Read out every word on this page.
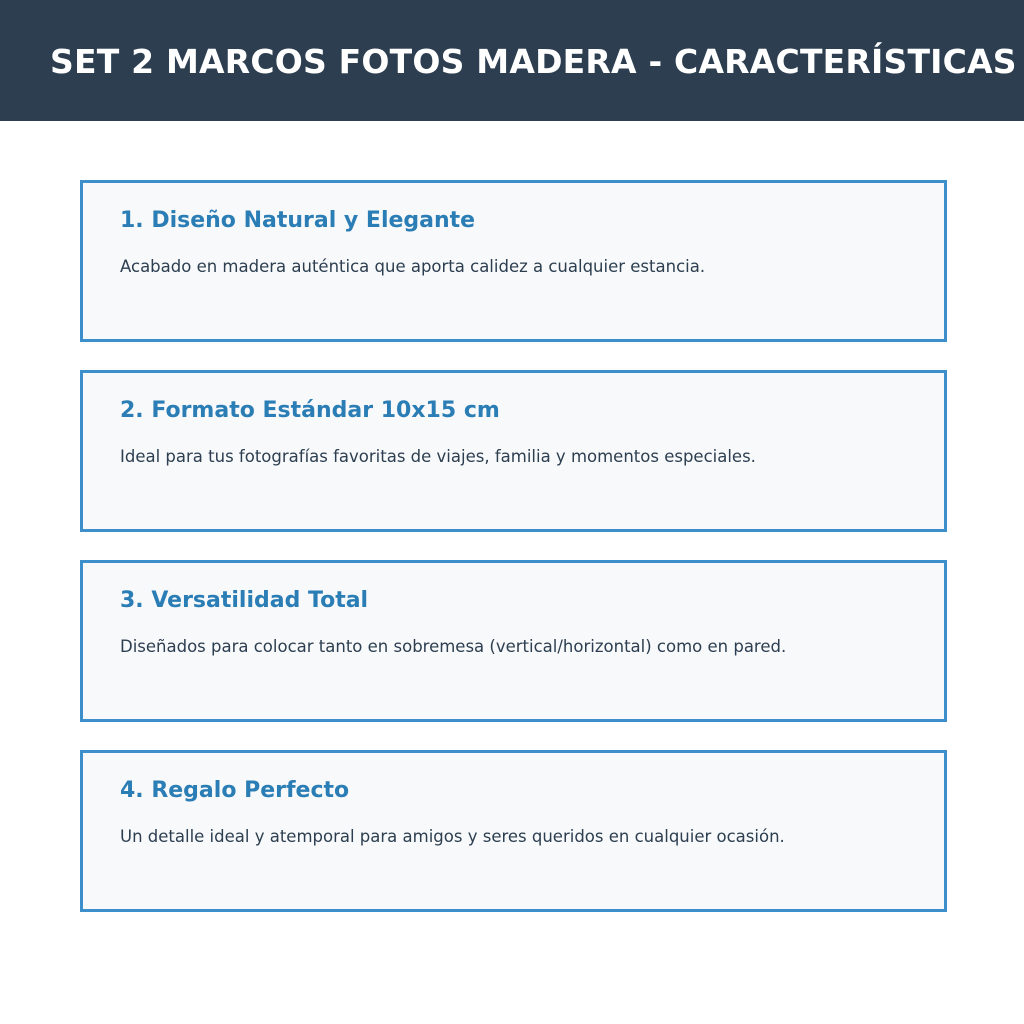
SET 2 MARCOS FOTOS MADERA - CARACTERÍSTICAS
1. Diseño Natural y Elegante

Acabado en madera auténtica que aporta calidez a cualquier estancia.

2. Formato Estándar 10x15 cm

Ideal para tus fotografías favoritas de viajes, familia y momentos especiales.

3. Versatilidad Total

Diseñados para colocar tanto en sobremesa (vertical/horizontal) como en pared.

4. Regalo Perfecto

Un detalle ideal y atemporal para amigos y seres queridos en cualquier ocasión.
